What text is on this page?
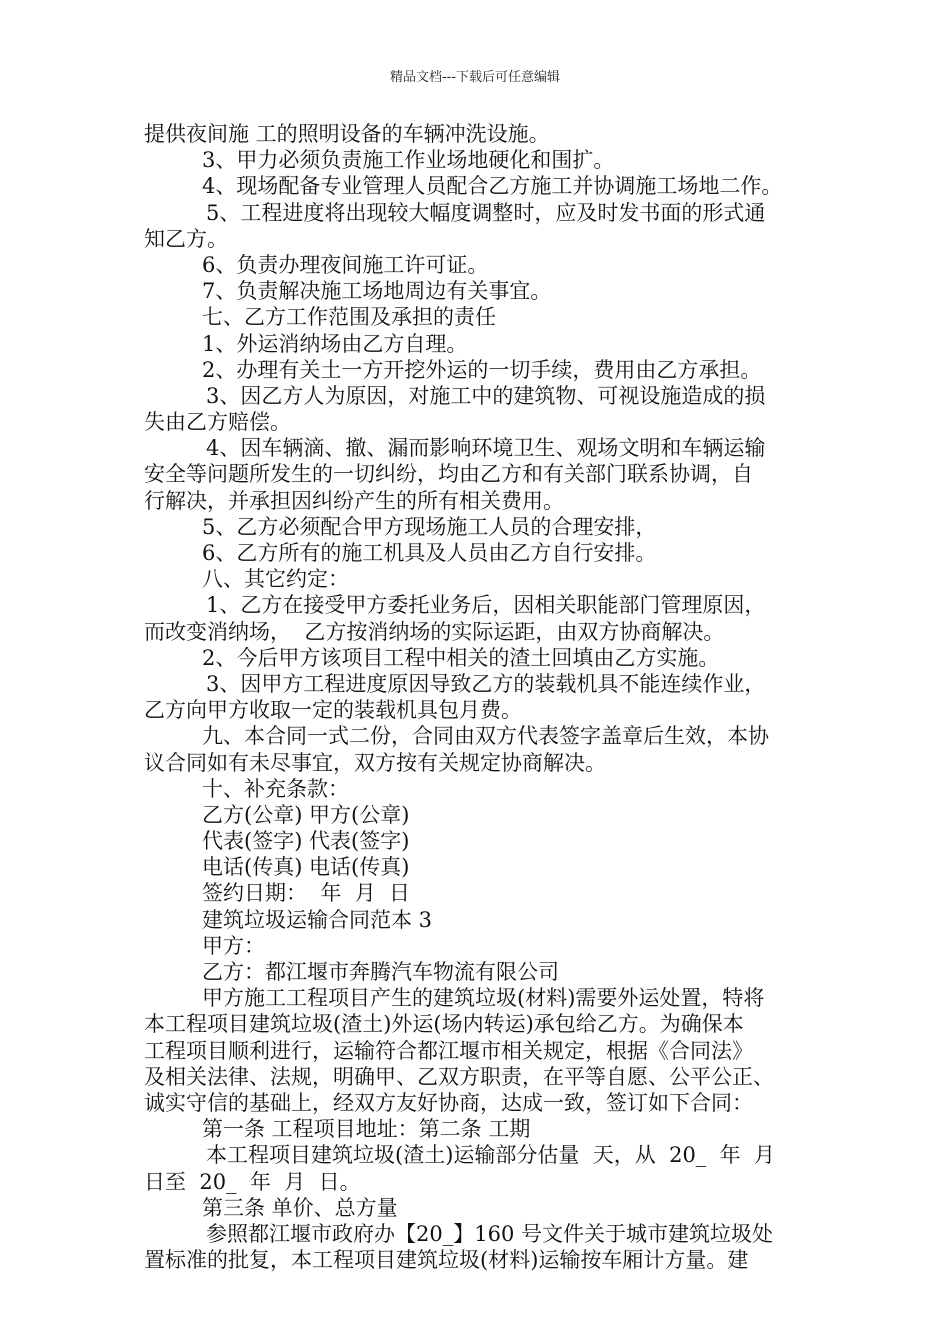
精品文档---下载后可任意编辑
提供夜间施 工的照明设备的车辆冲洗设施。
3、甲力必须负责施工作业场地硬化和围扩。
4、现场配备专业管理人员配合乙方施工并协调施工场地二作。
5、工程进度将出现较大幅度调整时，应及时发书面的形式通
知乙方。
6、负责办理夜间施工许可证。
7、负责解决施工场地周边有关事宜。
七、乙方工作范围及承担的责任
1、外运消纳场由乙方自理。
2、办理有关土一方开挖外运的一切手续，费用由乙方承担。
3、因乙方人为原因，对施工中的建筑物、可视设施造成的损
失由乙方赔偿。
4、因车辆滴、撤、漏而影响环境卫生、观场文明和车辆运输
安全等问题所发生的一切纠纷，均由乙方和有关部门联系协调，自
行解决，并承担因纠纷产生的所有相关费用。
5、乙方必须配合甲方现场施工人员的合理安排，
6、乙方所有的施工机具及人员由乙方自行安排。
八、其它约定：
1、乙方在接受甲方委托业务后，因相关职能部门管理原因，
而改变消纳场，  乙方按消纳场的实际运距，由双方协商解决。
2、今后甲方该项目工程中相关的渣土回填由乙方实施。
3、因甲方工程进度原因导致乙方的装载机具不能连续作业，
乙方向甲方收取一定的装载机具包月费。
九、本合同一式二份，合同由双方代表签字盖章后生效，本协
议合同如有未尽事宜，双方按有关规定协商解决。
十、补充条款：
乙方(公章) 甲方(公章)
代表(签字) 代表(签字)
电话(传真) 电话(传真)
签约日期：  年  月  日
建筑垃圾运输合同范本 3
甲方：
乙方：都江堰市奔腾汽车物流有限公司
甲方施工工程项目产生的建筑垃圾(材料)需要外运处置，特将
本工程项目建筑垃圾(渣土)外运(场内转运)承包给乙方。为确保本
工程项目顺利进行，运输符合都江堰市相关规定，根据《合同法》
及相关法律、法规，明确甲、乙双方职责，在平等自愿、公平公正、
诚实守信的基础上，经双方友好协商，达成一致，签订如下合同：
第一条 工程项目地址：第二条 工期
本工程项目建筑垃圾(渣土)运输部分估量  天，从  20_  年  月
日至  20_  年  月  日。
第三条 单价、总方量
参照都江堰市政府办【20_】160 号文件关于城市建筑垃圾处
置标准的批复，本工程项目建筑垃圾(材料)运输按车厢计方量。建
